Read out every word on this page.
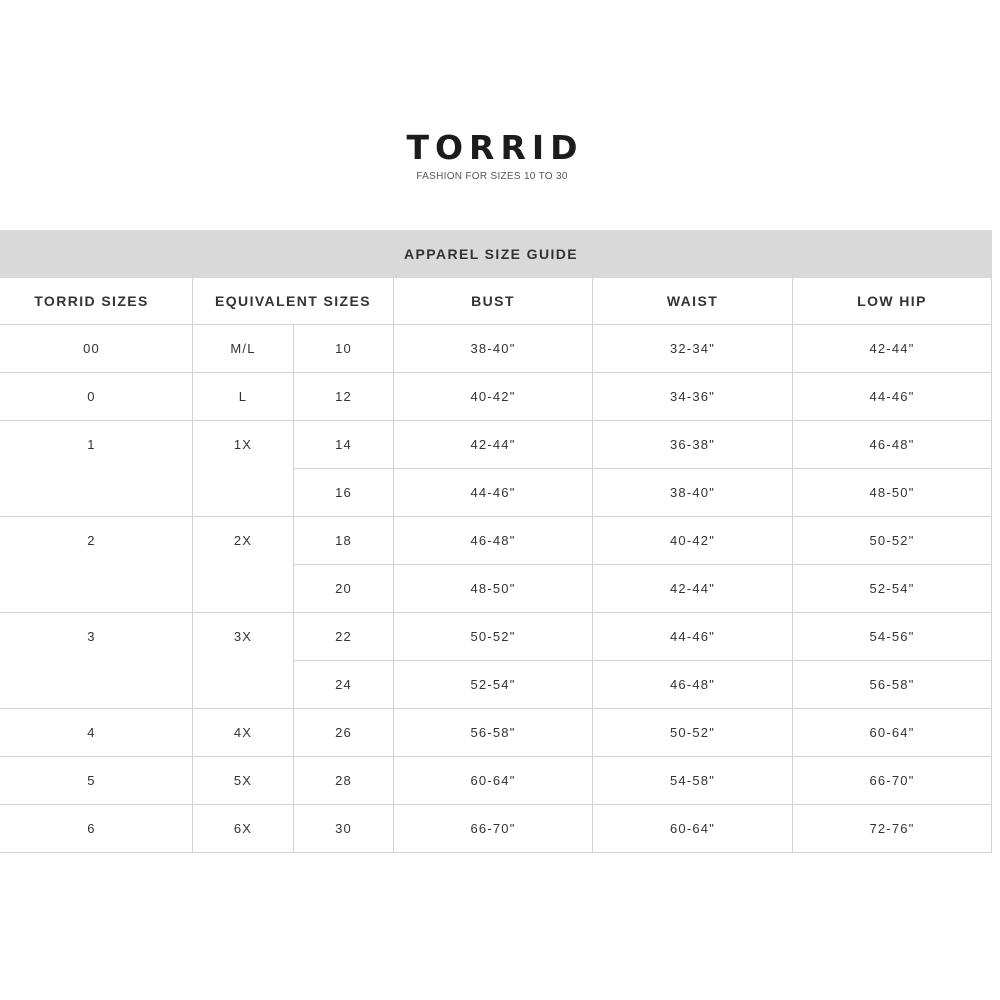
TORRID
FASHION FOR SIZES 10 TO 30
APPAREL SIZE GUIDE					
TORRID SIZES	EQUIVALENT SIZES		BUST	WAIST	LOW HIP
00	M/L	10	38-40"	32-34"	42-44"
0	L	12	40-42"	34-36"	44-46"
1	1X	14	42-44"	36-38"	46-48"
		16	44-46"	38-40"	48-50"
2	2X	18	46-48"	40-42"	50-52"
		20	48-50"	42-44"	52-54"
3	3X	22	50-52"	44-46"	54-56"
		24	52-54"	46-48"	56-58"
4	4X	26	56-58"	50-52"	60-64"
5	5X	28	60-64"	54-58"	66-70"
6	6X	30	66-70"	60-64"	72-76"
